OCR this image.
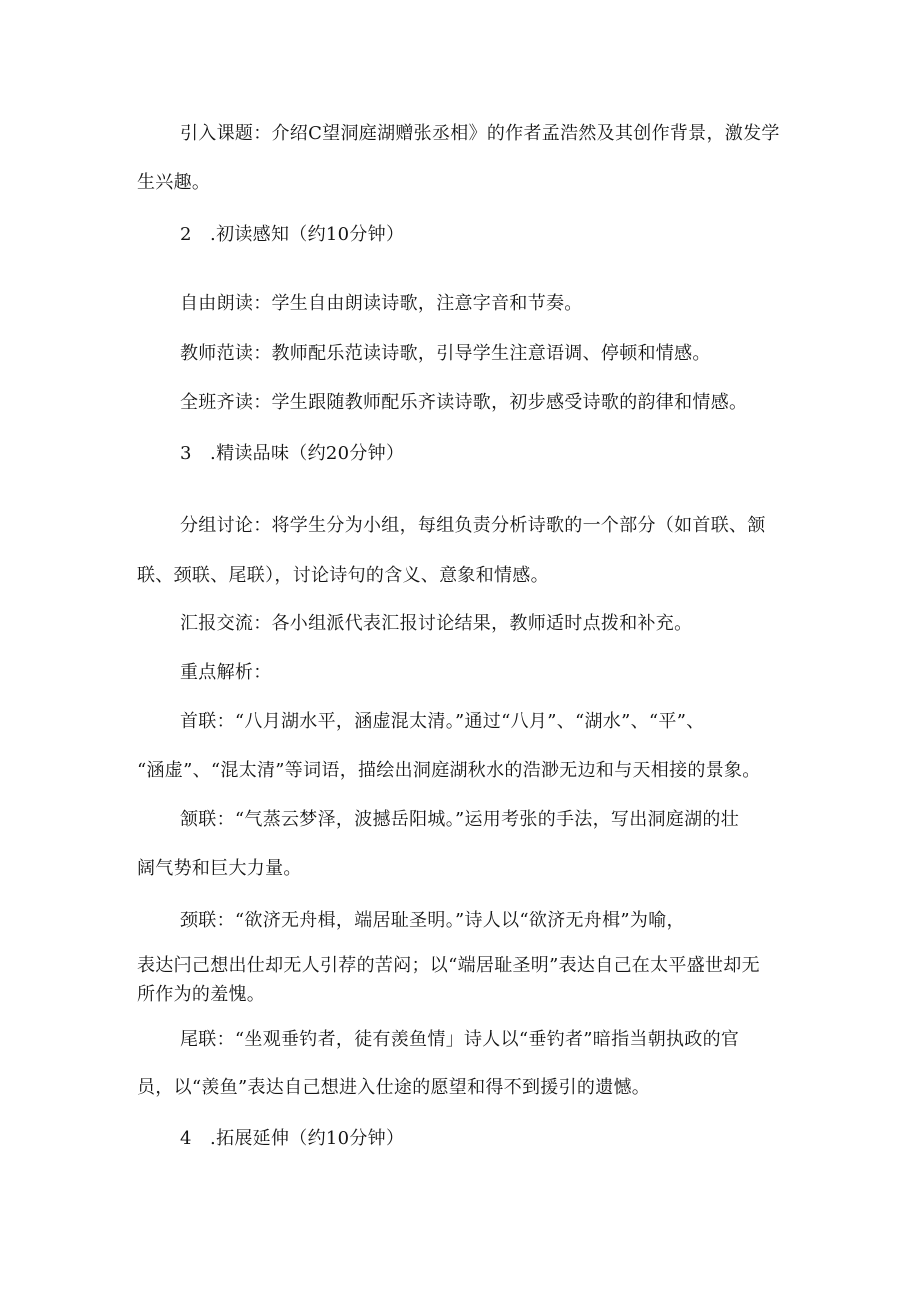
引入课题：介绍C望洞庭湖赠张丞相》的作者孟浩然及其创作背景，激发学
生兴趣。
2　.初读感知（约10分钟）
自由朗读：学生自由朗读诗歌，注意字音和节奏。
教师范读：教师配乐范读诗歌，引导学生注意语调、停顿和情感。
全班齐读：学生跟随教师配乐齐读诗歌，初步感受诗歌的韵律和情感。
3　.精读品味（约20分钟）
分组讨论：将学生分为小组，每组负责分析诗歌的一个部分（如首联、颔
联、颈联、尾联），讨论诗句的含义、意象和情感。
汇报交流：各小组派代表汇报讨论结果，教师适时点拨和补充。
重点解析：
首联：“八月湖水平，涵虚混太清。”通过“八月”、“湖水”、“平”、
“涵虚”、“混太清”等词语，描绘出洞庭湖秋水的浩渺无边和与天相接的景象。
颔联：“气蒸云梦泽，波撼岳阳城。”运用考张的手法，写出洞庭湖的壮
阔气势和巨大力量。
颈联：“欲济无舟楫，端居耻圣明。”诗人以“欲济无舟楫”为喻，
表达闩己想出仕却无人引荐的苦闷；以“端居耻圣明”表达自己在太平盛世却无
所作为的羞愧。
尾联：“坐观垂钓者，徒有羡鱼情」诗人以“垂钓者”暗指当朝执政的官
员，以“羡鱼”表达自己想进入仕途的愿望和得不到援引的遗憾。
4　.拓展延伸（约10分钟）
